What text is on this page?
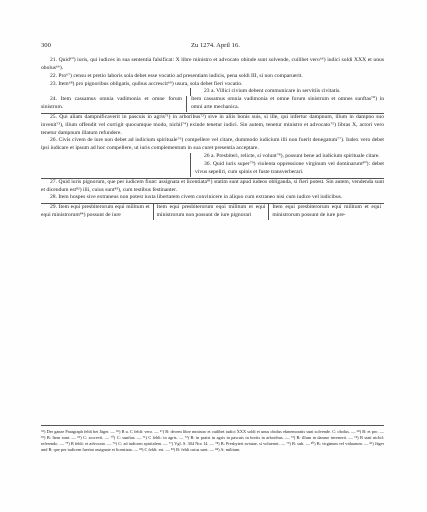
300	Zu 1274. April 16.

21. Quid¹⁰) iuris, qui iudices in sua sententia falsificat: X libre ministro et advocato obinde sunt solvende, cuilibet vero⁶⁶) iudici soldi XXX et unus obolus⁶⁶).

22. Pro⁶⁷) censu et pretio laboris sola debet esse vocatio ad presentiam iudicis, pena soldi III, si non comparuerit.

23. Item⁶⁸) pro pignoribus obligatis, quibus accrescit⁶⁹) usura, sola debet fieri vocatio.

23 a. Villici civium debent communicare in servitiis civitatis.

24. Item cassamus omnia vadimonia et omne forum sinistrum.
Item cassamus omnia vadimonia et omne forum sinistrum et omnes sunftas⁷⁰) in omni arte mechanica.

25. Qui aliam dampnificaverit in pascuis in agris⁷¹) in arboribus⁷²) sive in aliis bonis suis, si ille, qui infertur dampnum, illum in dampno suo invenit⁷³), illum offendit vel corrigit quocumque modo, nichil⁷⁴) exinde tenetur iudici. Sin autem, tenetur ministro et advocato⁷⁵) libras X, actori vero tenetur dampnum illatum refundere.

26. Civis civem de iure non debet ad iudicium spirituale⁷⁶) compellere vel citare, dummodo iudicium illi non fuerit denegatum⁷⁷). Iudex vero debet ipsi iudicare et ipsum ad hoc compellere, ut iuris complementum in sua curet presentia acceptare.

26 a. Presbiteri, relicte, si volunt⁷⁸), possunt bene ad iudicium spirituale citare.

36. Quid iuris super⁷⁹) violenta oppressione virginum vel dominarum⁸⁰): debet vivus sepeliri, cum spinis et fuste transverberari.

27. Quid iuris pignorum, que per iudicem fiunt: assignata et licentiata⁸¹) statim sunt apud iudeos obliganda, si fieri potest. Sin autem, vendenda sunt et dicendum est⁸²) illi, cuius sunt⁸³), cum testibus festinanter.

28. Item hospes sive extraneus non potest iuxta libertatem civem convinicere in aliquo cum extraneo nisi cum iudice vel iudicibus.

29. Item equi presbiterorum equi militum et equi ministrorum⁸⁴) possunt de iure
Item equi presbiterorum equi militum et equi ministrorum non possunt de iure pignorari
Item equi presbiterorum equi militum et equi ministrorum possunt de iure pre-
⁶⁵) Der ganze Paragraph fehlt bei Jäger. — ⁶⁶) B u. C fehlt: vero. — ⁶⁷) B: decem libre ministro et cuilibet iudici XXX soldi et unus obolus ekmemoratis sunt solvende. C: obolus. — ⁶⁸) B: et pro. — ⁶⁹) B: Item sunt. — ⁶⁹) C: accrevit. — ⁷⁰) C: sunftas. — ⁷¹) C fehlt: in agris. — ⁷²) B: in pratis in agris in pascuis in hortis in arboribus. — ⁷³) B: illum in damno invenerit. — ⁷⁴) B statt nichil: referendo. — ⁷⁵) B fehlt: et advocato. — ⁷⁶) C: ad iudicem spiritalem. — ⁷⁷) Vgl. S. 304 Nro 14. — ⁷⁸) B: Presbyteri aviatae, si voluerint. — ⁷⁹) B: sub. — ⁸⁰) B: virginum vel viduarum. — ⁸¹) Jäger und B: que per iudicem fuerint assignate et licentiata. — ⁸²) C fehlt: est. — ⁸³) B: fehlt cuius sunt. — ⁸⁴) A: militum.
